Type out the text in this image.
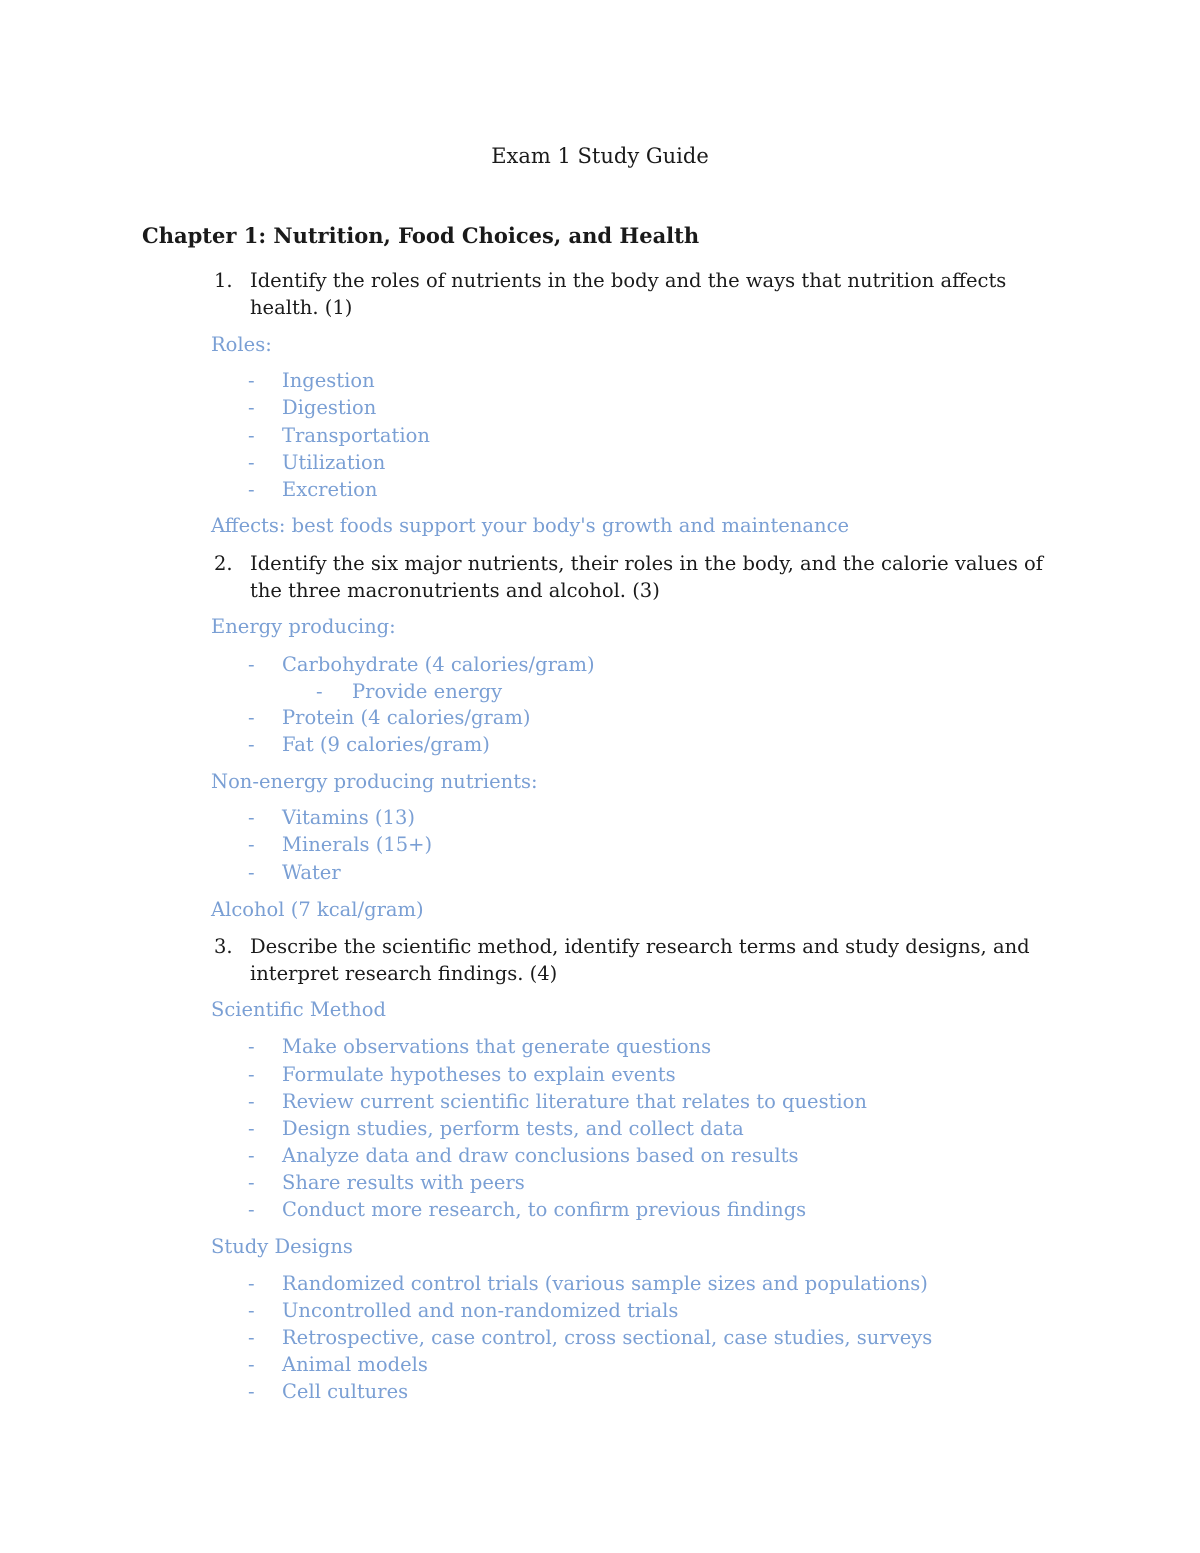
Exam 1 Study Guide
Chapter 1: Nutrition, Food Choices, and Health
1. Identify the roles of nutrients in the body and the ways that nutrition affects health. (1)
Roles:
- Ingestion
- Digestion
- Transportation
- Utilization
- Excretion
Affects: best foods support your body's growth and maintenance
2. Identify the six major nutrients, their roles in the body, and the calorie values of the three macronutrients and alcohol. (3)
Energy producing:
- Carbohydrate (4 calories/gram)
- Provide energy
- Protein (4 calories/gram)
- Fat (9 calories/gram)
Non-energy producing nutrients:
- Vitamins (13)
- Minerals (15+)
- Water
Alcohol (7 kcal/gram)
3. Describe the scientific method, identify research terms and study designs, and interpret research findings. (4)
Scientific Method
- Make observations that generate questions
- Formulate hypotheses to explain events
- Review current scientific literature that relates to question
- Design studies, perform tests, and collect data
- Analyze data and draw conclusions based on results
- Share results with peers
- Conduct more research, to confirm previous findings
Study Designs
- Randomized control trials (various sample sizes and populations)
- Uncontrolled and non-randomized trials
- Retrospective, case control, cross sectional, case studies, surveys
- Animal models
- Cell cultures
